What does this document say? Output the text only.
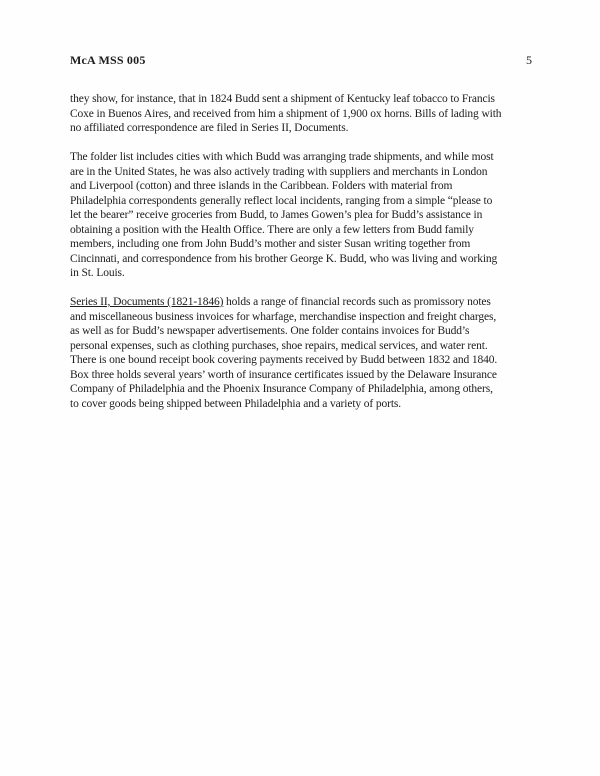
McA MSS 005	5
they show, for instance, that in 1824 Budd sent a shipment of Kentucky leaf tobacco to Francis
Coxe in Buenos Aires, and received from him a shipment of 1,900 ox horns. Bills of lading with
no affiliated correspondence are filed in Series II, Documents.
The folder list includes cities with which Budd was arranging trade shipments, and while most
are in the United States, he was also actively trading with suppliers and merchants in London
and Liverpool (cotton) and three islands in the Caribbean. Folders with material from
Philadelphia correspondents generally reflect local incidents, ranging from a simple “please to
let the bearer” receive groceries from Budd, to James Gowen’s plea for Budd’s assistance in
obtaining a position with the Health Office. There are only a few letters from Budd family
members, including one from John Budd’s mother and sister Susan writing together from
Cincinnati, and correspondence from his brother George K. Budd, who was living and working
in St. Louis.
Series II, Documents (1821-1846) holds a range of financial records such as promissory notes
and miscellaneous business invoices for wharfage, merchandise inspection and freight charges,
as well as for Budd’s newspaper advertisements. One folder contains invoices for Budd’s
personal expenses, such as clothing purchases, shoe repairs, medical services, and water rent.
There is one bound receipt book covering payments received by Budd between 1832 and 1840.
Box three holds several years’ worth of insurance certificates issued by the Delaware Insurance
Company of Philadelphia and the Phoenix Insurance Company of Philadelphia, among others,
to cover goods being shipped between Philadelphia and a variety of ports.
